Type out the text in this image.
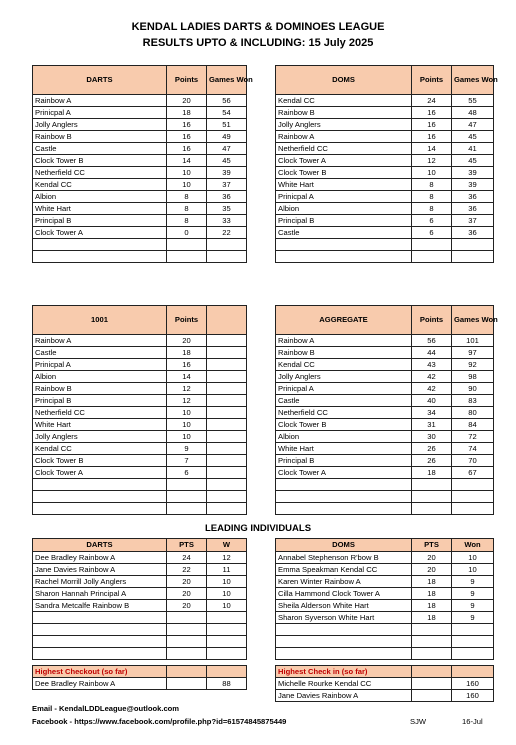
KENDAL LADIES DARTS & DOMINOES LEAGUE
RESULTS UPTO & INCLUDING: 15 July 2025
DARTS	Points	Games Won
Rainbow A	20	56
Prinicpal A	18	54
Jolly Anglers	16	51
Rainbow B	16	49
Castle	16	47
Clock Tower B	14	45
Netherfield CC	10	39
Kendal CC	10	37
Albion	8	36
White Hart	8	35
Principal B	8	33
Clock Tower A	0	22

DOMS	Points	Games Won
Kendal CC	24	55
Rainbow B	16	48
Jolly Anglers	16	47
Rainbow A	16	45
Netherfield CC	14	41
Clock Tower A	12	45
Clock Tower B	10	39
White Hart	8	39
Prinicpal A	8	36
Albion	8	36
Principal B	6	37
Castle	6	36

1001	Points	
Rainbow A	20	
Castle	18	
Prinicpal A	16	
Albion	14	
Rainbow B	12	
Principal B	12	
Netherfield CC	10	
White Hart	10	
Jolly Anglers	10	
Kendal CC	9	
Clock Tower B	7	
Clock Tower A	6	

AGGREGATE	Points	Games Won
Rainbow A	56	101
Rainbow B	44	97
Kendal CC	43	92
Jolly Anglers	42	98
Prinicpal A	42	90
Castle	40	83
Netherfield CC	34	80
Clock Tower B	31	84
Albion	30	72
White Hart	26	74
Principal B	26	70
Clock Tower A	18	67

LEADING INDIVIDUALS
DARTS	PTS	W
Dee Bradley Rainbow A	24	12
Jane Davies Rainbow A	22	11
Rachel Morrill Jolly Anglers	20	10
Sharon Hannah Principal A	20	10
Sandra Metcalfe Rainbow B	20	10

DOMS	PTS	Won
Annabel Stephenson R'bow B	20	10
Emma Speakman Kendal CC	20	10
Karen Winter Rainbow A	18	9
Cilla Hammond Clock Tower A	18	9
Sheila Alderson White Hart	18	9
Sharon Syverson White Hart	18	9

Highest Checkout (so far)		
Dee Bradley Rainbow A		88
Highest Check in (so far)		
Michelle Rourke Kendal CC		160
Jane Davies Rainbow A		160
Email - KendalLDDLeague@outlook.com
Facebook - https://www.facebook.com/profile.php?id=61574845875449	SJW	16-Jul
